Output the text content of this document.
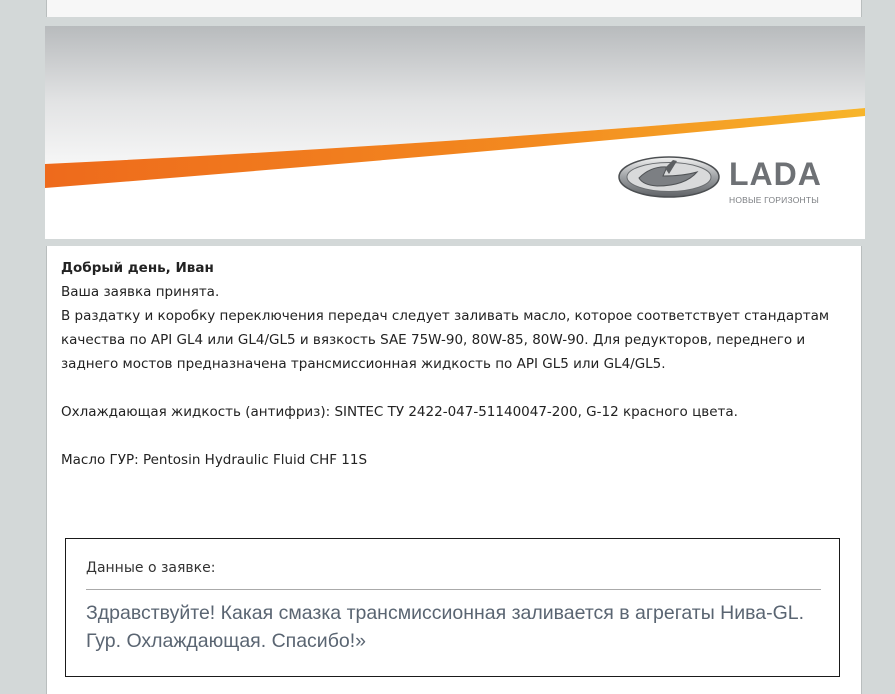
LADA
НОВЫЕ ГОРИЗОНТЫ
Добрый день, Иван
Ваша заявка принята.
В раздатку и коробку переключения передач следует заливать масло, которое соответствует стандартам качества по API GL4 или GL4/GL5 и вязкость SAE 75W-90, 80W-85, 80W-90. Для редукторов, переднего и заднего мостов предназначена трансмиссионная жидкость по API GL5 или GL4/GL5.
Охлаждающая жидкость (антифриз): SINTEC ТУ 2422-047-51140047-200, G-12 красного цвета.
Масло ГУР: Pentosin Hydraulic Fluid CHF 11S
Данные о заявке:
Здравствуйте! Какая смазка трансмиссионная заливается в агрегаты Нива-GL. Гур. Охлаждающая. Спасибо!»
